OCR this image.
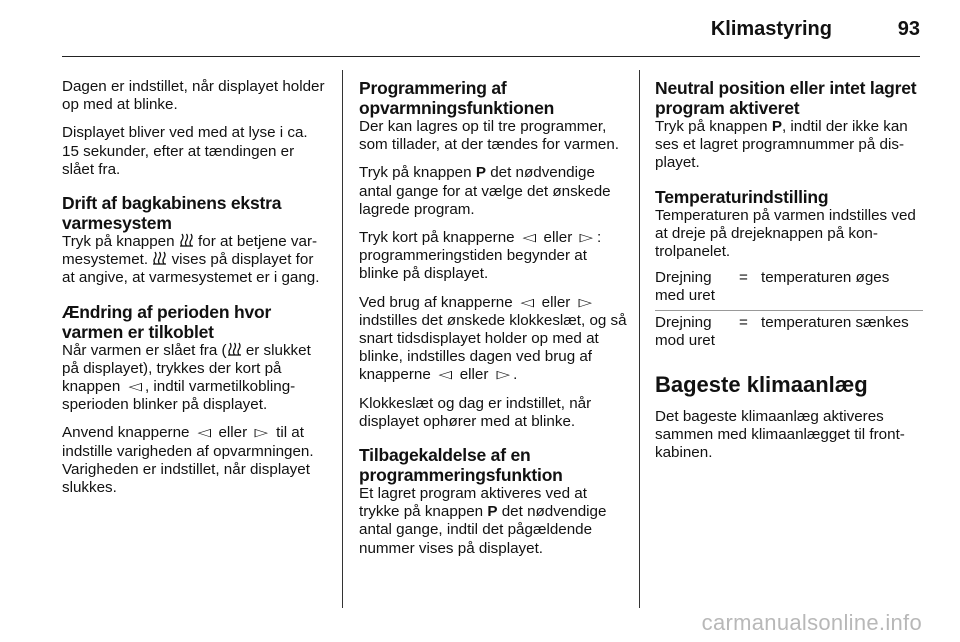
Klimastyring	93

Dagen er indstillet, når displayet holder op med at blinke.

Displayet bliver ved med at lyse i ca. 15 sekunder, efter at tændingen er slået fra.

Drift af bagkabinens ekstra varmesystem

Tryk på knappen for at betjene varmesystemet. vises på displayet for at angive, at varmesystemet er i gang.

Ændring af perioden hvor varmen er tilkoblet

Når varmen er slået fra ( er slukket på displayet), trykkes der kort på knappen ◁ , indtil varmetilkoblingsperioden blinker på displayet.

Anvend knapperne ◁ eller ▷ til at indstille varigheden af opvarmningen. Varigheden er indstillet, når displayet slukkes.

Programmering af opvarmningsfunktionen

Der kan lagres op til tre programmer, som tillader, at der tændes for varmen.

Tryk på knappen P det nødvendige antal gange for at vælge det ønskede lagrede program.

Tryk kort på knapperne ◁ eller ▷ : programmeringstiden begynder at blinke på displayet.

Ved brug af knapperne ◁ eller ▷ indstilles det ønskede klokkeslæt, og så snart tidsdisplayet holder op med at blinke, indstilles dagen ved brug af knapperne ◁ eller ▷ .

Klokkeslæt og dag er indstillet, når displayet ophører med at blinke.

Tilbagekaldelse af en programmeringsfunktion

Et lagret program aktiveres ved at trykke på knappen P det nødvendige antal gange, indtil det pågældende nummer vises på displayet.

Neutral position eller intet lagret program aktiveret

Tryk på knappen P, indtil der ikke kan ses et lagret programnummer på displayet.

Temperaturindstilling

Temperaturen på varmen indstilles ved at dreje på drejeknappen på kontrolpanelet.

Drejning med uret	=	temperaturen øges
Drejning mod uret	=	temperaturen sænkes
Bageste klimaanlæg

Det bageste klimaanlæg aktiveres sammen med klimaanlægget til frontkabinen.

carmanualsonline.info
